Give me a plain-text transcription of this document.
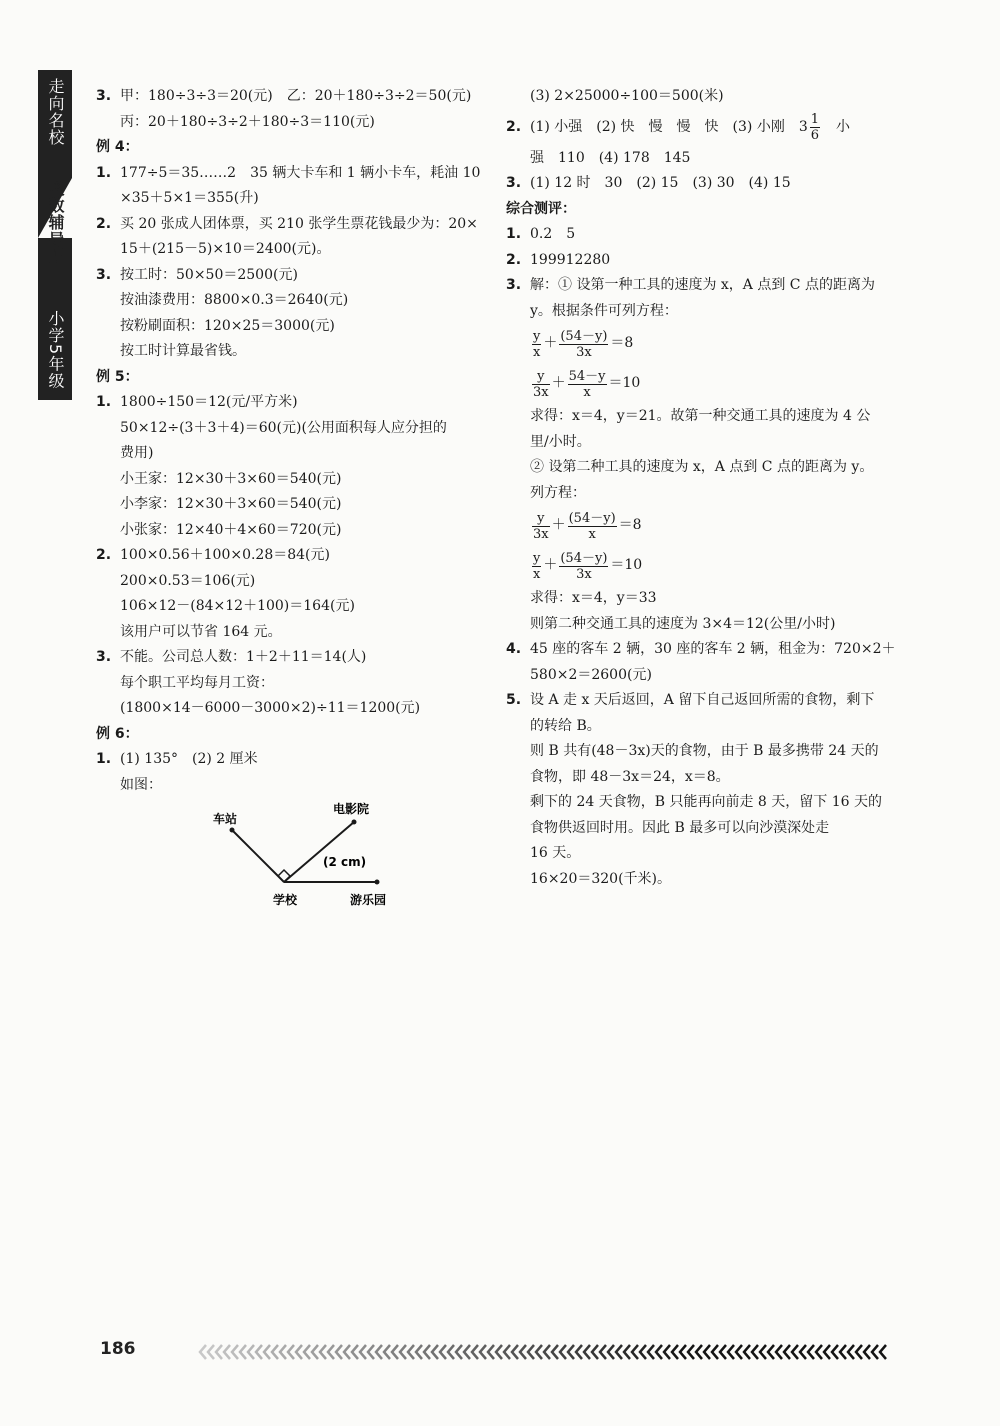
走向名校
奥数辅导班
小学5年级
3. 甲：180÷3÷3＝20(元)　乙：20＋180÷3÷2＝50(元)
丙：20＋180÷3÷2＋180÷3＝110(元)
例 4：
1. 177÷5＝35……2　35 辆大卡车和 1 辆小卡车，耗油 10
×35＋5×1＝355(升)
2. 买 20 张成人团体票，买 210 张学生票花钱最少为：20×
15＋(215－5)×10＝2400(元)。
3. 按工时：50×50＝2500(元)
按油漆费用：8800×0.3＝2640(元)
按粉刷面积：120×25＝3000(元)
按工时计算最省钱。
例 5：
1. 1800÷150＝12(元/平方米)
50×12÷(3＋3＋4)＝60(元)(公用面积每人应分担的
费用)
小王家：12×30＋3×60＝540(元)
小李家：12×30＋3×60＝540(元)
小张家：12×40＋4×60＝720(元)
2. 100×0.56＋100×0.28＝84(元)
200×0.53＝106(元)
106×12－(84×12＋100)＝164(元)
该用户可以节省 164 元。
3. 不能。公司总人数：1＋2＋11＝14(人)
每个职工平均每月工资：
(1800×14－6000－3000×2)÷11＝1200(元)
例 6：
1. (1) 135°　(2) 2 厘米
如图：
车站
电影院
(2 cm)
学校	游乐园
(3) 2×25000÷100＝500(米)
2. (1) 小强　(2) 快　慢　慢　快　(3) 小刚　$3 \frac{1}{6}$ 　小
强　110　(4) 178　145
3. (1) 12 时　30　(2) 15　(3) 30　(4) 15
综合测评：
1. 0.2　5
2. 199912280
3. 解：① 设第一种工具的速度为 x，A 点到 C 点的距离为
y。根据条件可列方程：
$\frac{y}{x} + \frac{(54-y)}{3x} =8$
$\frac{y}{3x} + \frac{54-y}{x} =10$
求得：x＝4，y＝21。故第一种交通工具的速度为 4 公
里/小时。
② 设第二种工具的速度为 x，A 点到 C 点的距离为 y。
列方程：
$\frac{y}{3x} + \frac{(54-y)}{x} =8$
$\frac{y}{x} + \frac{(54-y)}{3x} =10$
求得：x＝4，y＝33
则第二种交通工具的速度为 3×4＝12(公里/小时)
4. 45 座的客车 2 辆，30 座的客车 2 辆，租金为：720×2＋
580×2＝2600(元)
5. 设 A 走 x 天后返回，A 留下自己返回所需的食物，剩下
的转给 B。
则 B 共有(48－3x)天的食物，由于 B 最多携带 24 天的
食物，即 48－3x＝24，x＝8。
剩下的 24 天食物，B 只能再向前走 8 天，留下 16 天的
食物供返回时用。因此 B 最多可以向沙漠深处走
16 天。
16×20＝320(千米)。
186
